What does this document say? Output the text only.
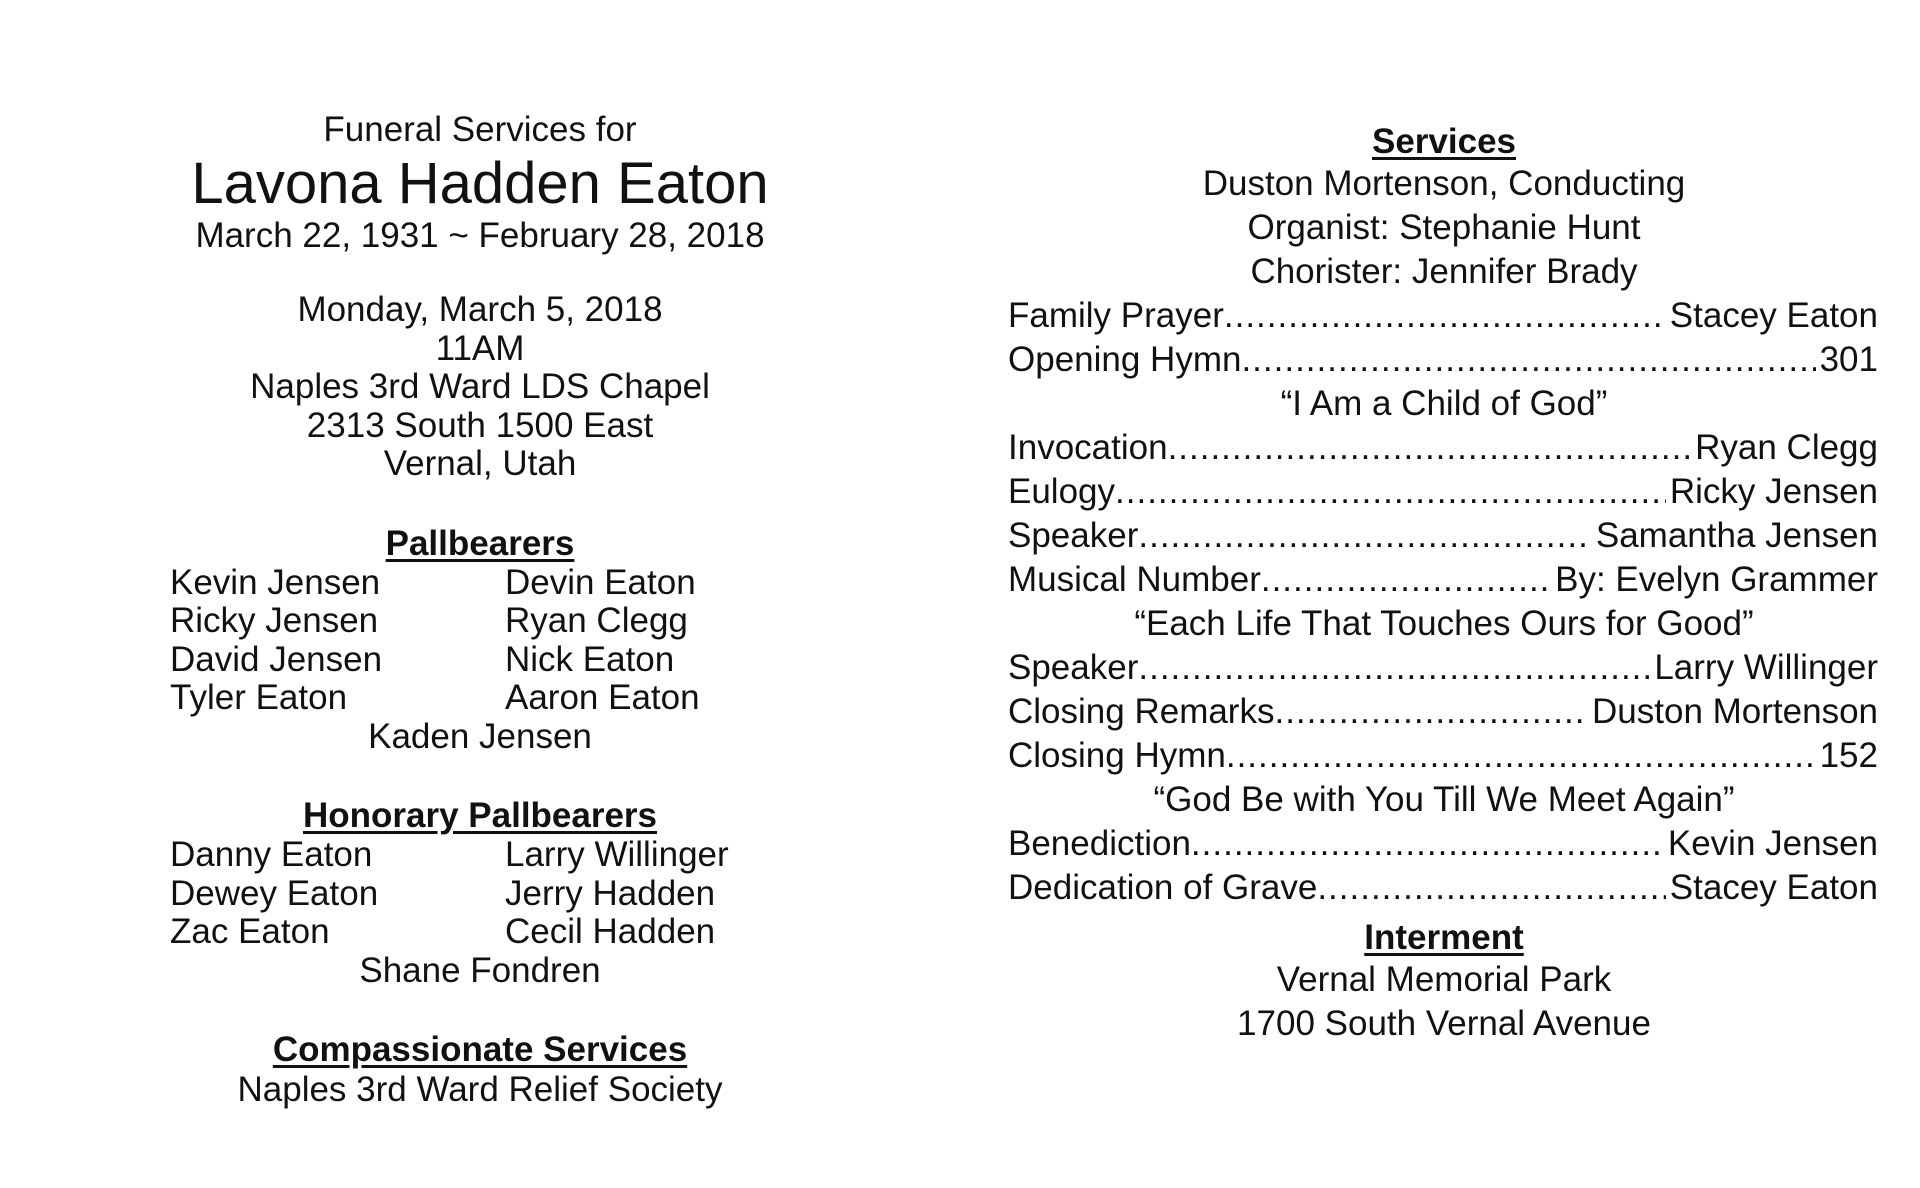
Funeral Services for
Lavona Hadden Eaton
March 22, 1931 ~ February 28, 2018
Monday, March 5, 2018
11AM
Naples 3rd Ward LDS Chapel
2313 South 1500 East
Vernal, Utah
Pallbearers
Kevin Jensen	Devin Eaton
Ricky Jensen	Ryan Clegg
David Jensen	Nick Eaton
Tyler Eaton	Aaron Eaton
Kaden Jensen
Honorary Pallbearers
Danny Eaton	Larry Willinger
Dewey Eaton	Jerry Hadden
Zac Eaton	Cecil Hadden
Shane Fondren
Compassionate Services
Naples 3rd Ward Relief Society
Services
Duston Mortenson, Conducting
Organist: Stephanie Hunt
Chorister: Jennifer Brady
Family Prayer .....	Stacey Eaton
Opening Hymn .....	301
“I Am a Child of God”
Invocation .....	Ryan Clegg
Eulogy .....	Ricky Jensen
Speaker .....	Samantha Jensen
Musical Number .....	By: Evelyn Grammer
“Each Life That Touches Ours for Good”
Speaker .....	Larry Willinger
Closing Remarks .....	Duston Mortenson
Closing Hymn .....	152
“God Be with You Till We Meet Again”
Benediction .....	Kevin Jensen
Dedication of Grave .....	Stacey Eaton
Interment
Vernal Memorial Park
1700 South Vernal Avenue
